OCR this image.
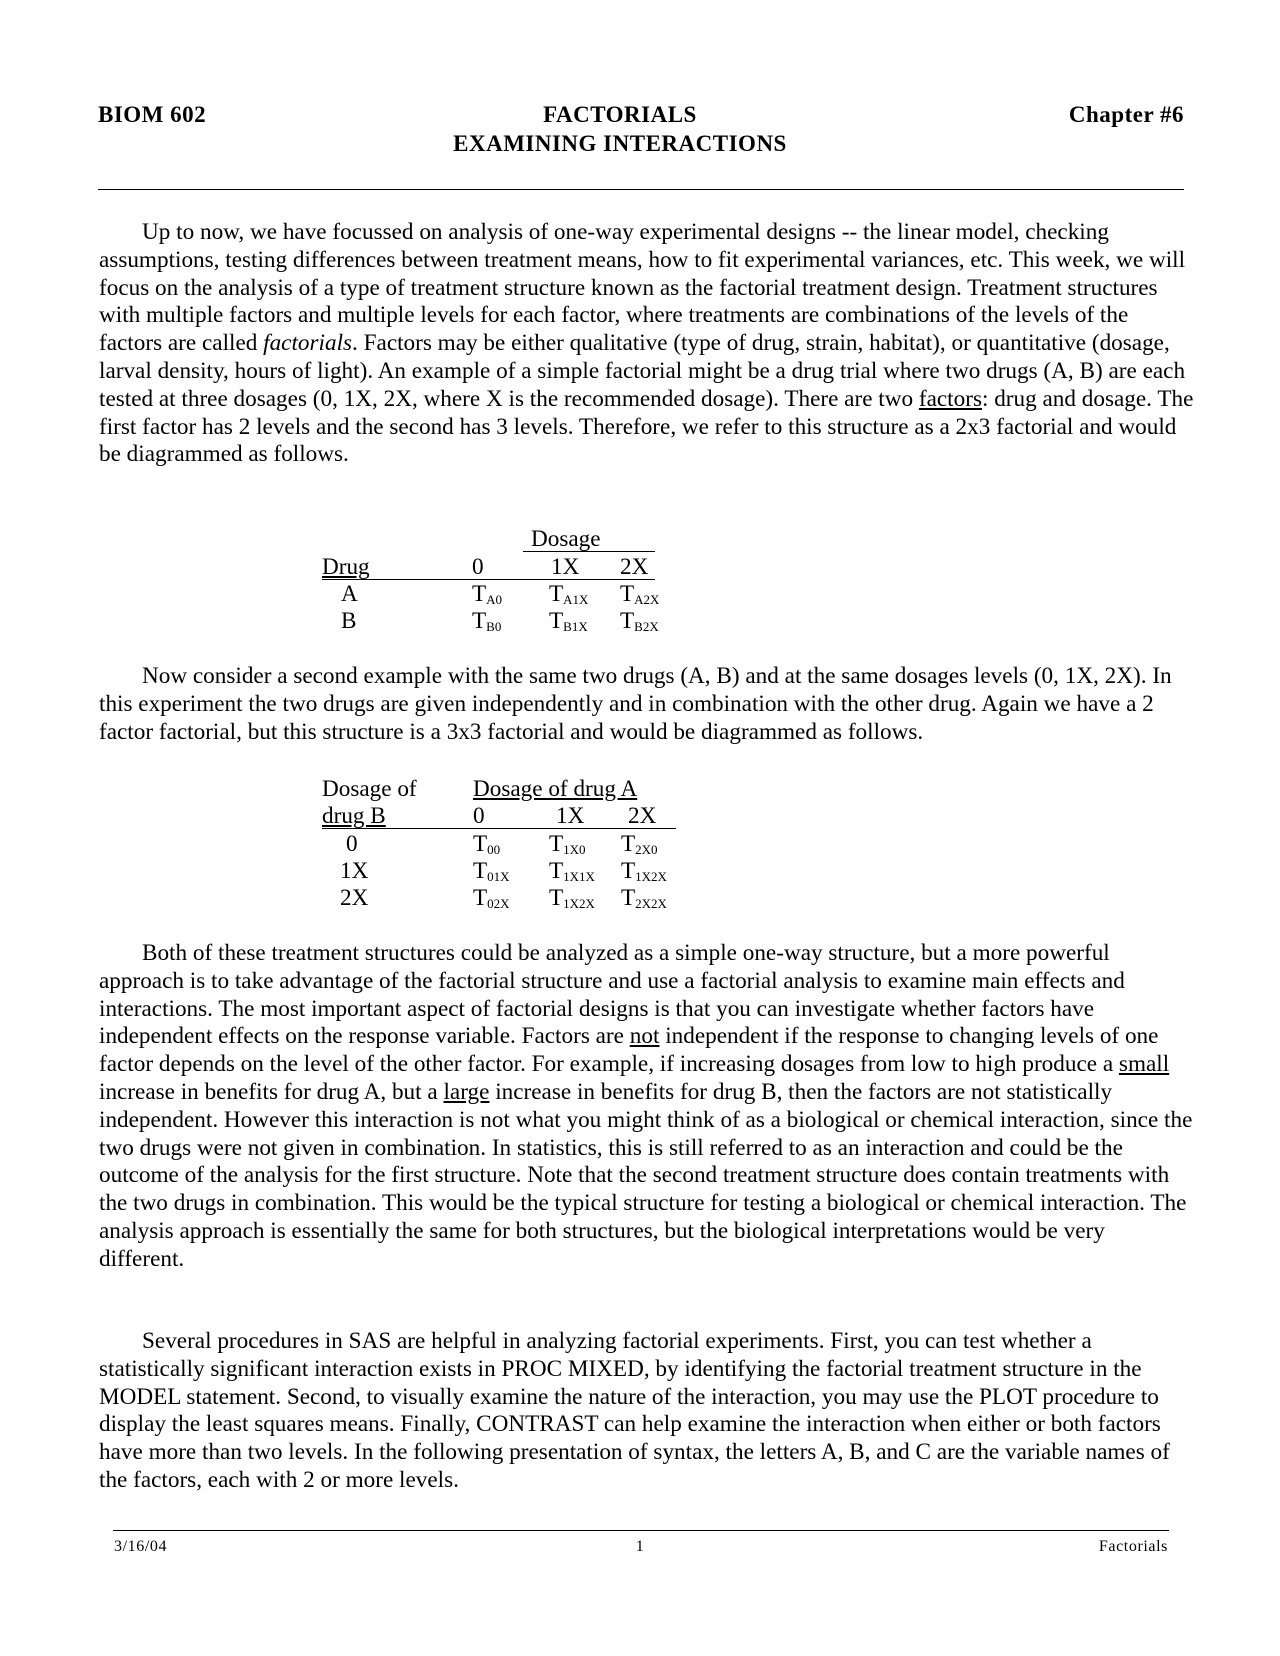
BIOM 602	FACTORIALS
EXAMINING INTERACTIONS
Chapter #6

Up to now, we have focussed on analysis of one-way experimental designs -- the linear model, checking assumptions, testing differences between treatment means, how to fit experimental variances, etc. This week, we will focus on the analysis of a type of treatment structure known as the factorial treatment design. Treatment structures with multiple factors and multiple levels for each factor, where treatments are combinations of the levels of the factors are called factorials. Factors may be either qualitative (type of drug, strain, habitat), or quantitative (dosage, larval density, hours of light). An example of a simple factorial might be a drug trial where two drugs (A, B) are each tested at three dosages (0, 1X, 2X, where X is the recommended dosage). There are two factors: drug and dosage. The first factor has 2 levels and the second has 3 levels. Therefore, we refer to this structure as a 2x3 factorial and would be diagrammed as follows.

Dosage
Drug	0	1X 2X
A	$T_{A0}$ $T_{A1X}$ $T_{A2X}$
B	$T_{B0}$ $T_{B1X}$ $T_{B2X}$

Now consider a second example with the same two drugs (A, B) and at the same dosages levels (0, 1X, 2X). In this experiment the two drugs are given independently and in combination with the other drug. Again we have a 2 factor factorial, but this structure is a 3x3 factorial and would be diagrammed as follows.

Dosage of Dosage of drug A
drug B	0	1X 2X
0	$T_{00}$ $T_{1X0}$ $T_{2X0}$
1X	$T_{01X}$ $T_{1X1X}$ $T_{1X2X}$
2X	$T_{02X}$ $T_{1X2X}$ $T_{2X2X}$

Both of these treatment structures could be analyzed as a simple one-way structure, but a more powerful approach is to take advantage of the factorial structure and use a factorial analysis to examine main effects and interactions. The most important aspect of factorial designs is that you can investigate whether factors have independent effects on the response variable. Factors are not independent if the response to changing levels of one factor depends on the level of the other factor. For example, if increasing dosages from low to high produce a small increase in benefits for drug A, but a large increase in benefits for drug B, then the factors are not statistically independent. However this interaction is not what you might think of as a biological or chemical interaction, since the two drugs were not given in combination. In statistics, this is still referred to as an interaction and could be the outcome of the analysis for the first structure. Note that the second treatment structure does contain treatments with the two drugs in combination. This would be the typical structure for testing a biological or chemical interaction. The analysis approach is essentially the same for both structures, but the biological interpretations would be very different.

Several procedures in SAS are helpful in analyzing factorial experiments. First, you can test whether a statistically significant interaction exists in PROC MIXED, by identifying the factorial treatment structure in the MODEL statement. Second, to visually examine the nature of the interaction, you may use the PLOT procedure to display the least squares means. Finally, CONTRAST can help examine the interaction when either or both factors have more than two levels. In the following presentation of syntax, the letters A, B, and C are the variable names of the factors, each with 2 or more levels.

3/16/04	1	Factorials
